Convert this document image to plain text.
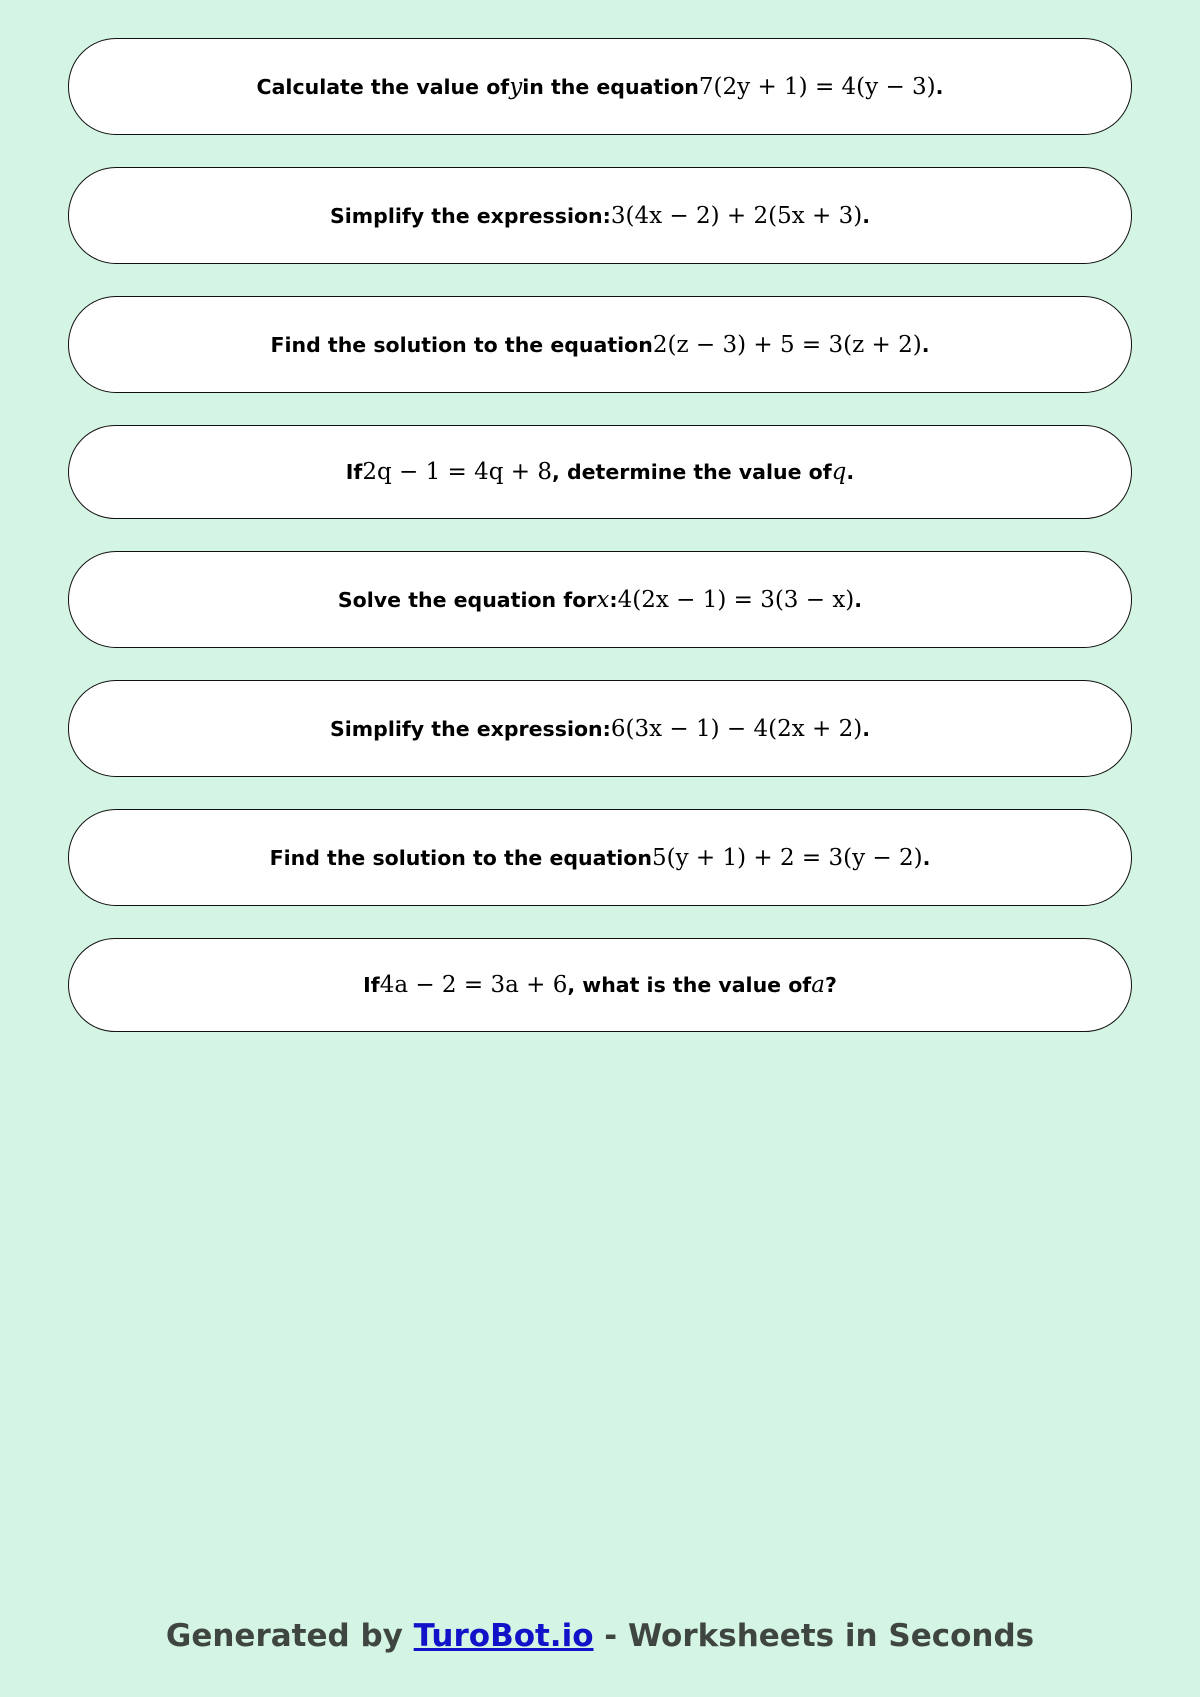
Calculate the value of y in the equation 7(2y + 1) = 4(y − 3) .
Simplify the expression: 3(4x − 2) + 2(5x + 3) .
Find the solution to the equation 2(z − 3) + 5 = 3(z + 2) .
If 2q − 1 = 4q + 8 , determine the value of q .
Solve the equation for x : 4(2x − 1) = 3(3 − x) .
Simplify the expression: 6(3x − 1) − 4(2x + 2) .
Find the solution to the equation 5(y + 1) + 2 = 3(y − 2) .
If 4a − 2 = 3a + 6 , what is the value of a ?
Generated by TuroBot.io - Worksheets in Seconds
